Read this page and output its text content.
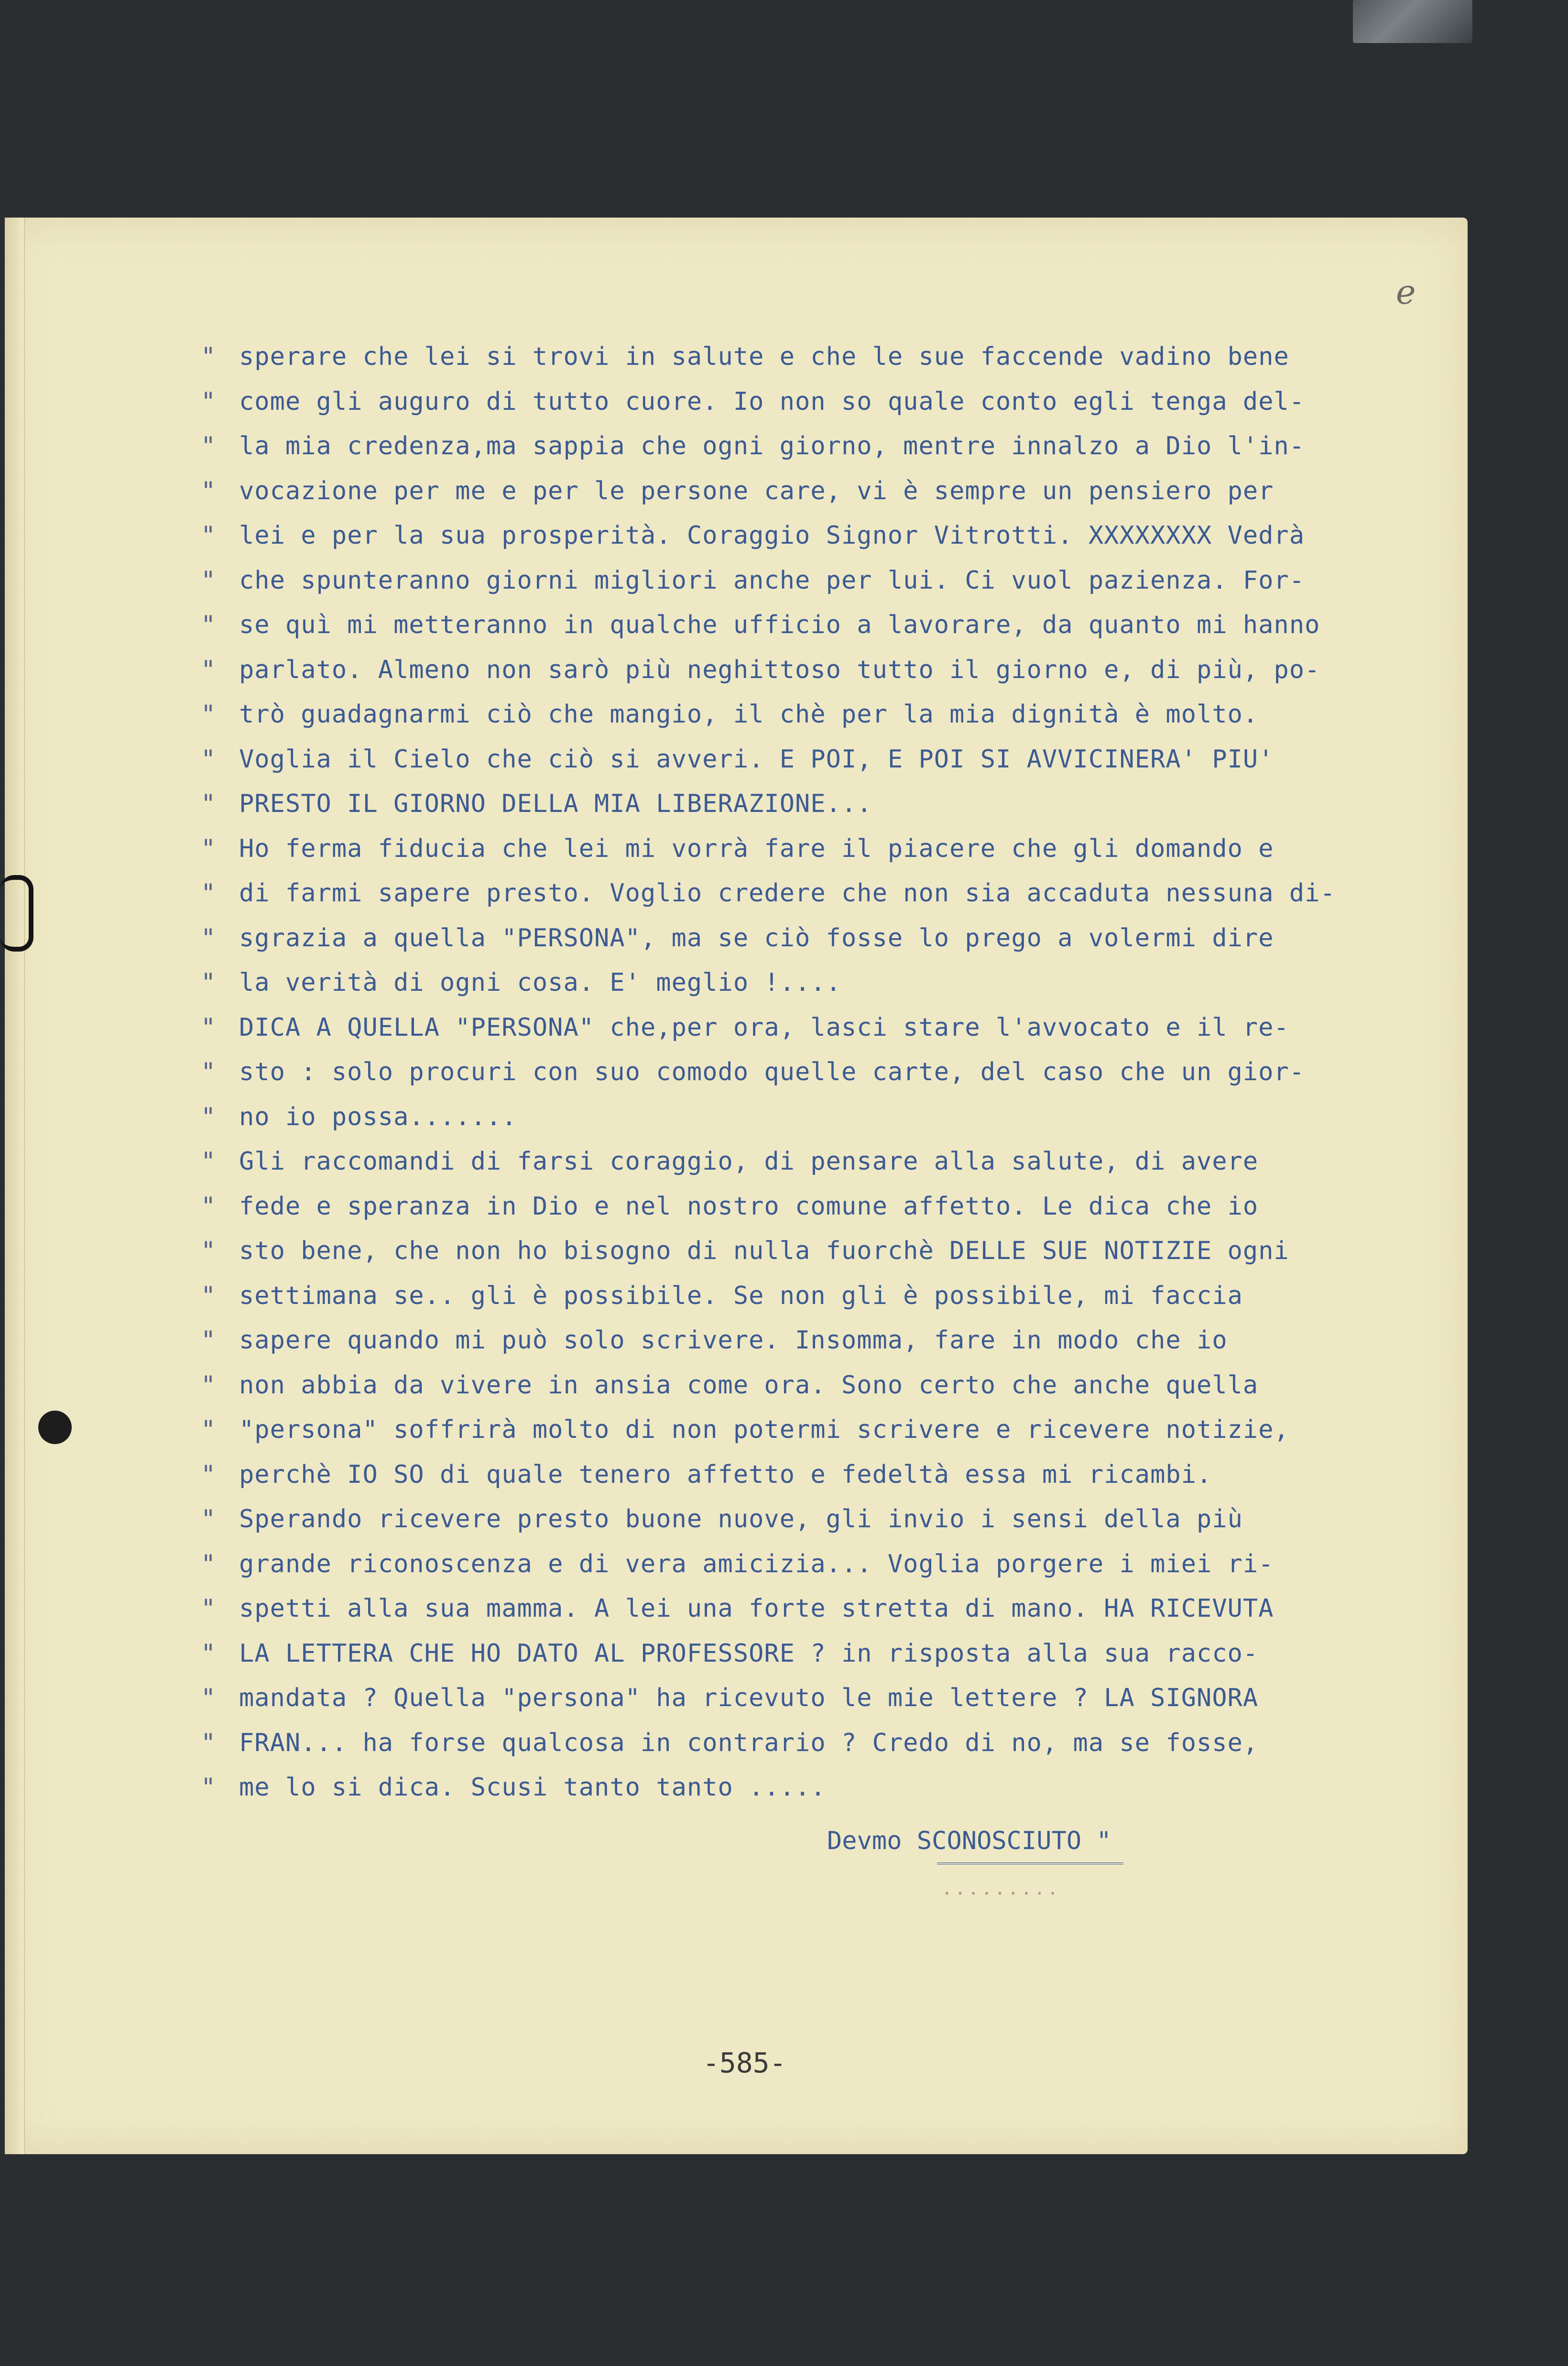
e
" sperare che lei si trovi in salute e che le sue faccende vadino bene
" come gli auguro di tutto cuore. Io non so quale conto egli tenga del-
" la mia credenza,ma sappia che ogni giorno, mentre innalzo a Dio l'in-
" vocazione per me e per le persone care, vi è sempre un pensiero per
" lei e per la sua prosperità. Coraggio Signor Vitrotti. XXXXXXXX Vedrà
" che spunteranno giorni migliori anche per lui. Ci vuol pazienza. For-
" se quì mi metteranno in qualche ufficio a lavorare, da quanto mi hanno
" parlato. Almeno non sarò più neghittoso tutto il giorno e, di più, po-
" trò guadagnarmi ciò che mangio, il chè per la mia dignità è molto.
" Voglia il Cielo che ciò si avveri. E POI, E POI SI AVVICINERA' PIU'
" PRESTO IL GIORNO DELLA MIA LIBERAZIONE...
" Ho ferma fiducia che lei mi vorrà fare il piacere che gli domando e
" di farmi sapere presto. Voglio credere che non sia accaduta nessuna di-
" sgrazia a quella "PERSONA", ma se ciò fosse lo prego a volermi dire
" la verità di ogni cosa. E' meglio !....
" DICA A QUELLA "PERSONA" che,per ora, lasci stare l'avvocato e il re-
" sto : solo procuri con suo comodo quelle carte, del caso che un gior-
" no io possa.......
" Gli raccomandi di farsi coraggio, di pensare alla salute, di avere
" fede e speranza in Dio e nel nostro comune affetto. Le dica che io
" sto bene, che non ho bisogno di nulla fuorchè DELLE SUE NOTIZIE ogni
" settimana se.. gli è possibile. Se non gli è possibile, mi faccia
" sapere quando mi può solo scrivere. Insomma, fare in modo che io
" non abbia da vivere in ansia come ora. Sono certo che anche quella
" "persona" soffrirà molto di non potermi scrivere e ricevere notizie,
" perchè IO SO di quale tenero affetto e fedeltà essa mi ricambi.
" Sperando ricevere presto buone nuove, gli invio i sensi della più
" grande riconoscenza e di vera amicizia... Voglia porgere i miei ri-
" spetti alla sua mamma. A lei una forte stretta di mano. HA RICEVUTA
" LA LETTERA CHE HO DATO AL PROFESSORE ? in risposta alla sua racco-
" mandata ? Quella "persona" ha ricevuto le mie lettere ? LA SIGNORA
" FRAN... ha forse qualcosa in contrario ? Credo di no, ma se fosse,
" me lo si dica. Scusi tanto tanto .....
Devmo SCONOSCIUTO "
.........
-585-
